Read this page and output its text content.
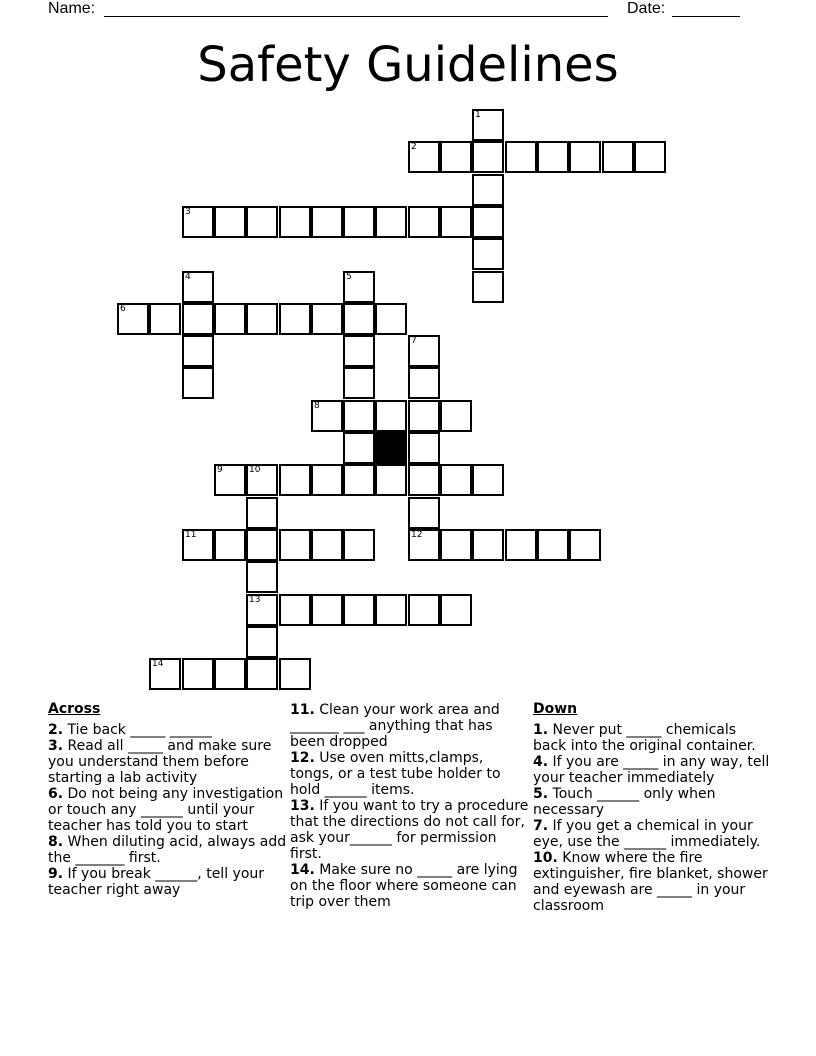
Name:	Date:
Safety Guidelines
1
2
3
4	5
6
7
8
9	10
11	12
13
14
Across
2 . Tie back _____ ______
3 . Read all _____ and make sure you understand them before starting a lab activity
6 . Do not being any investigation or touch any ______ until your teacher has told you to start
8 . When diluting acid, always add the _______ first.
9 . If you break ______, tell your teacher right away
11 . Clean your work area and _______ ___ anything that has been dropped
12 . Use oven mitts,clamps, tongs, or a test tube holder to hold ______ items.
13 . If you want to try a procedure that the directions do not call for, ask your______ for permission first.
14 . Make sure no _____ are lying on the floor where someone can trip over them
Down
1 . Never put _____ chemicals back into the original container.
4 . If you are _____ in any way, tell your teacher immediately
5 . Touch ______ only when necessary
7 . If you get a chemical in your eye, use the ______ immediately.
10 . Know where the fire extinguisher, fire blanket, shower and eyewash are _____ in your classroom
